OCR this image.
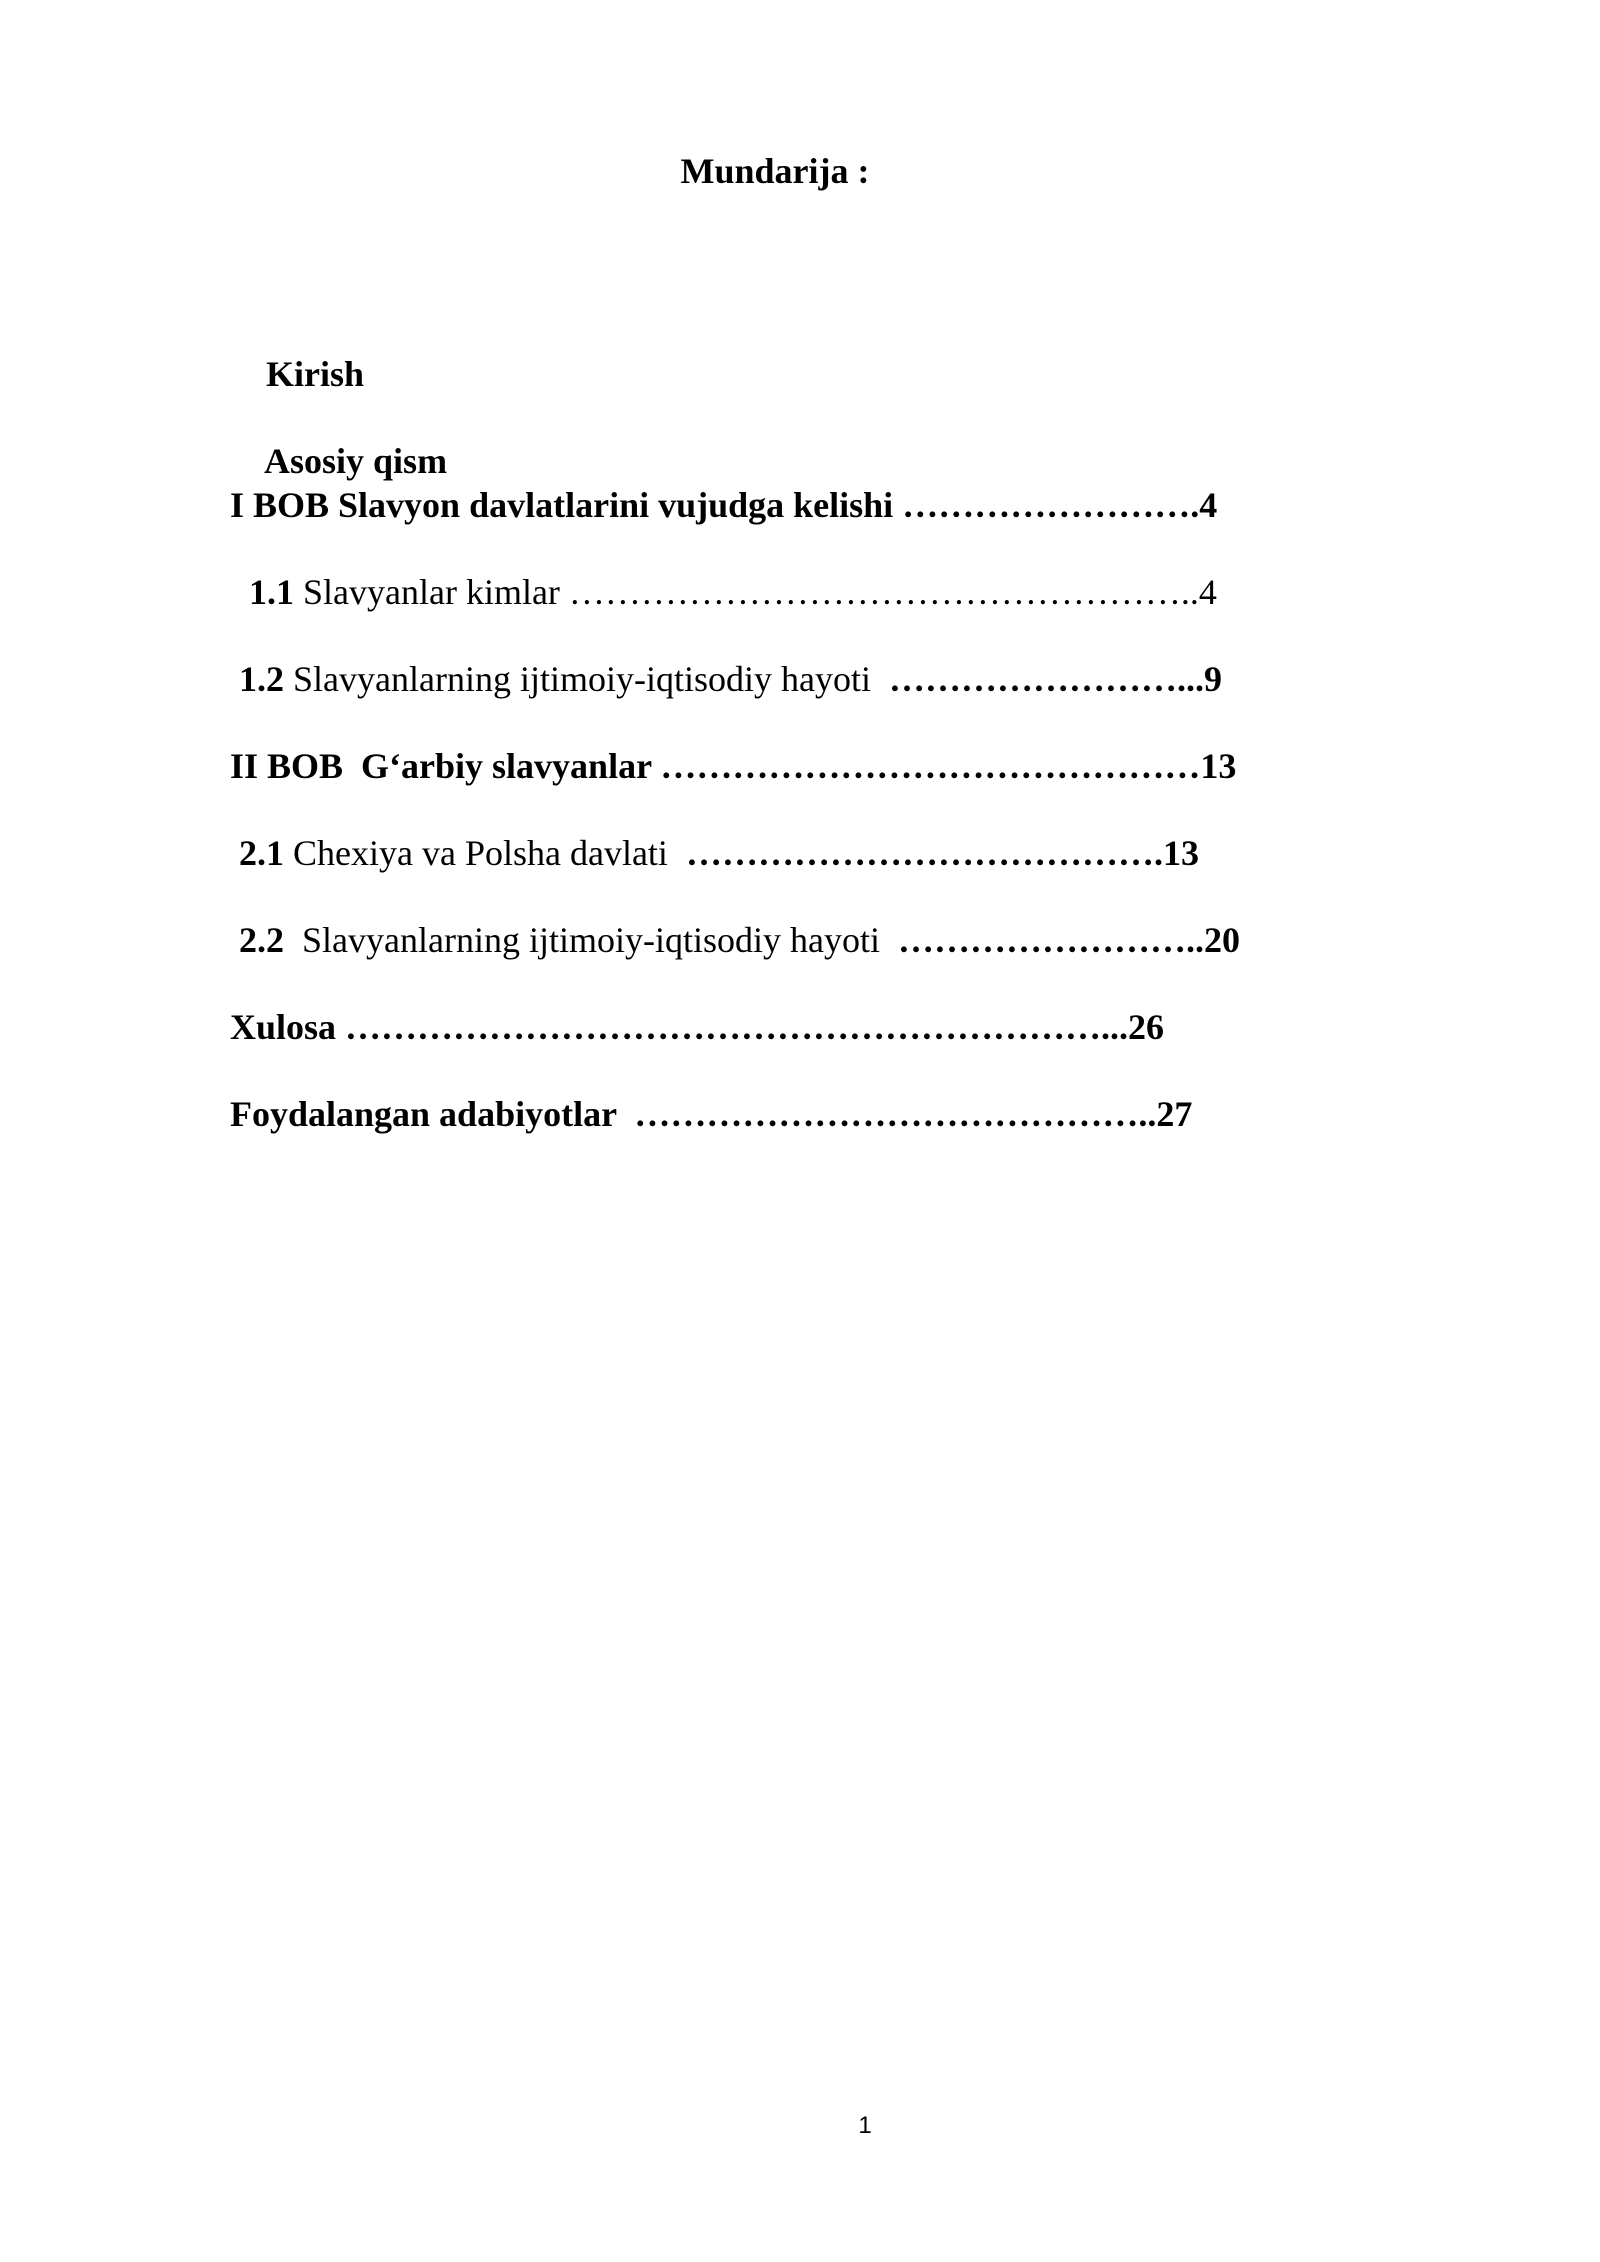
Mundarija :

Kirish

Asosiy qism

I BOB Slavyon davlatlarini vujudga kelishi …………………….4
1.1 Slavyanlar kimlar ……………………………………………..4
1.2 Slavyanlarning ijtimoiy-iqtisodiy hayoti  ……………………...9
II BOB  G‘arbiy slavyanlar ………………………………………13
2.1 Chexiya va Polsha davlati  ………………………………….13
2.2  Slavyanlarning ijtimoiy-iqtisodiy hayoti  ……………………..20
Xulosa ………………………………………………………...26
Foydalangan adabiyotlar  ……………………………………..27
1
